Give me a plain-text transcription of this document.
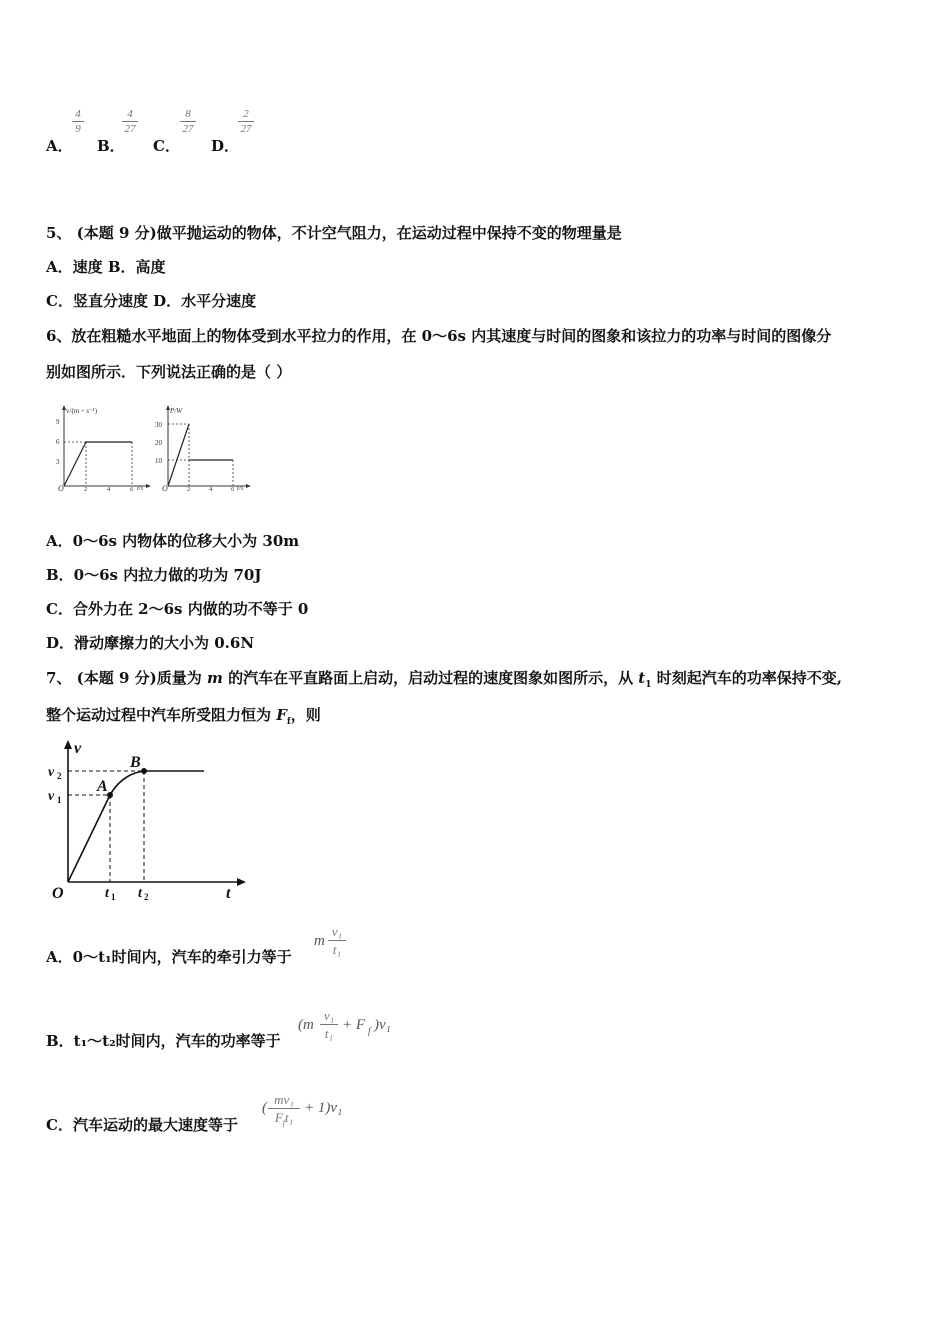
A．
4
9
B．
4
27
C．
8
27
D．
2
27
5、 (本题 9 分)做平抛运动的物体，不计空气阻力，在运动过程中保持不变的物理量是
A．速度 B．高度
C．竖直分速度 D．水平分速度
6、放在粗糙水平地面上的物体受到水平拉力的作用，在 0～6s 内其速度与时间的图象和该拉力的功率与时间的图像分
别如图所示．下列说法正确的是（ ）
v/(m・s⁻¹)
9
6
3
O	2	4	6 t/s
P/W
30
20
10
O	2	4	6 t/s
A．0～6s 内物体的位移大小为 30m
B．0～6s 内拉力做的功为 70J
C．合外力在 2～6s 内做的功不等于 0
D．滑动摩擦力的大小为 0.6N
7、 (本题 9 分)质量为 m 的汽车在平直路面上启动，启动过程的速度图象如图所示，从 $t_1$ 时刻起汽车的功率保持不变,
整个运动过程中汽车所受阻力恒为 $F_f$，则
v
t
O
v 2
v 1
A
B
t 1 t 2
A．0～t₁时间内，汽车的牵引力等于
m
v₁
t₁
B．t₁～t₂时间内，汽车的功率等于
(m
v₁
t₁
+ F f )v₁
C．汽车运动的最大速度等于
(
mv₁
$F_ft_1$
+ 1)v₁
